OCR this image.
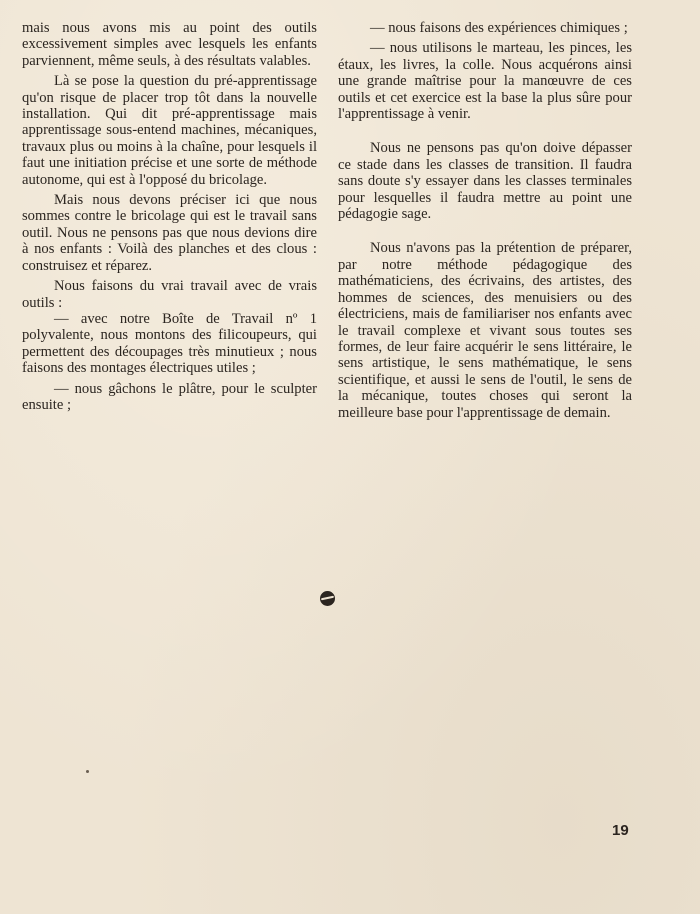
mais nous avons mis au point des outils excessivement simples avec lesquels les enfants parviennent, même seuls, à des résultats valables.

Là se pose la question du pré-apprentissage qu'on risque de placer trop tôt dans la nouvelle installation. Qui dit pré-apprentissage mais apprentissage sous-entend machines, mécaniques, travaux plus ou moins à la chaîne, pour lesquels il faut une initiation précise et une sorte de méthode autonome, qui est à l'opposé du bricolage.

Mais nous devons préciser ici que nous sommes contre le bricolage qui est le travail sans outil. Nous ne pensons pas que nous devions dire à nos enfants : Voilà des planches et des clous : construisez et réparez.

Nous faisons du vrai travail avec de vrais outils :

— avec notre Boîte de Travail nº 1 polyvalente, nous montons des filicoupeurs, qui permettent des découpages très minutieux ; nous faisons des montages électriques utiles ;

— nous gâchons le plâtre, pour le sculpter ensuite ;

— nous faisons des expériences chimiques ;

— nous utilisons le marteau, les pinces, les étaux, les livres, la colle. Nous acquérons ainsi une grande maîtrise pour la manœuvre de ces outils et cet exercice est la base la plus sûre pour l'apprentissage à venir.

Nous ne pensons pas qu'on doive dépasser ce stade dans les classes de transition. Il faudra sans doute s'y essayer dans les classes terminales pour lesquelles il faudra mettre au point une pédagogie sage.

Nous n'avons pas la prétention de préparer, par notre méthode pédagogique des mathématiciens, des écrivains, des artistes, des hommes de sciences, des menuisiers ou des électriciens, mais de familiariser nos enfants avec le travail complexe et vivant sous toutes ses formes, de leur faire acquérir le sens littéraire, le sens artistique, le sens mathématique, le sens scientifique, et aussi le sens de l'outil, le sens de la mécanique, toutes choses qui seront la meilleure base pour l'apprentissage de demain.

19
